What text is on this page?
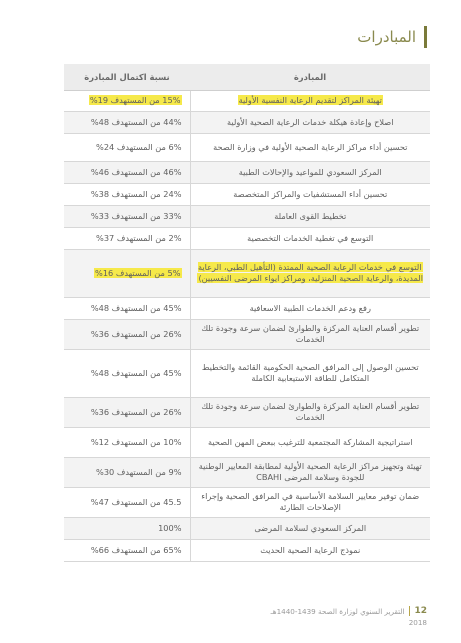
المبادرات
المبادرة	نسبة اكتمال المبادرة
تهيئة المراكز لتقديم الرعاية النفسية الأولية	15% من المستهدف 19%
اصلاح وإعادة هيكلة خدمات الرعاية الصحية الأولية	44% من المستهدف 48%
تحسين أداء مراكز الرعاية الصحية الأولية في وزارة الصحة	6% من المستهدف 24%
المركز السعودي للمواعيد والإحالات الطبية	46% من المستهدف 46%
تحسين أداء المستشفيات والمراكز المتخصصة	24% من المستهدف 38%
تخطيط القوى العاملة	33% من المستهدف 33%
التوسع في تغطية الخدمات التخصصية	2% من المستهدف 37%
التوسع في خدمات الرعاية الصحية الممتدة (التأهيل الطبي، الرعاية المديدة، والرعاية الصحية المنزلية، ومراكز ايواء المرضى النفسيين)	5% من المستهدف 16%
رفع ودعم الخدمات الطبية الاسعافية	45% من المستهدف 48%
تطوير أقسام العناية المركزة والطوارئ لضمان سرعة وجودة تلك الخدمات	26% من المستهدف 36%
تحسين الوصول إلى المرافق الصحية الحكومية القائمة والتخطيط المتكامل للطاقة الاستيعابية الكاملة	45% من المستهدف 48%
تطوير أقسام العناية المركزة والطوارئ لضمان سرعة وجودة تلك الخدمات	26% من المستهدف 36%
استراتيجية المشاركة المجتمعية للترغيب ببعض المهن الصحية	10% من المستهدف 12%
تهيئة وتجهيز مراكز الرعاية الصحية الأولية لمطابقة المعايير الوطنية للجودة وسلامة المرضى CBAHI	9% من المستهدف 30%
ضمان توفير معايير السلامة الأساسية في المرافق الصحية وإجراء الإصلاحات الطارئة	45.5 من المستهدف 47%
المركز السعودي لسلامة المرضى	100%
نموذج الرعاية الصحية الحديث	65% من المستهدف 66%
12
التقرير السنوي لوزارة الصحة 1439-1440هـ
2018
